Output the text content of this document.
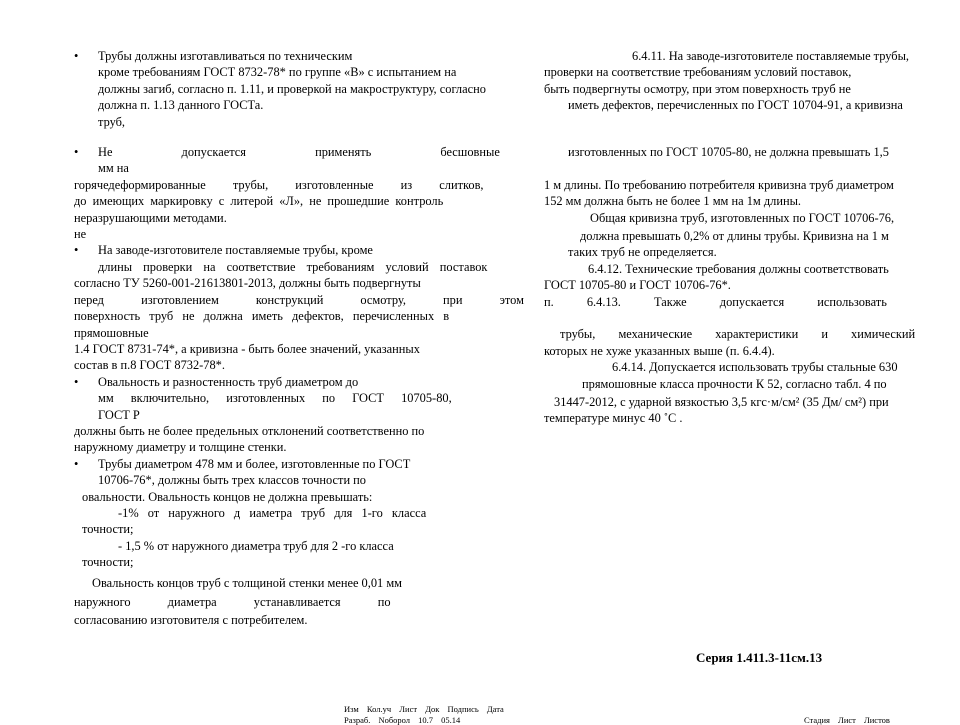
• Трубы должны изготавливаться по техническим
кроме требованиям ГОСТ 8732-78* по группе «В» с испытанием на
должны загиб, согласно п. 1.11, и проверкой на макроструктуру, согласно
должна п. 1.13 данного ГОСТа.
труб,
• Не допускается применять бесшовные
мм на
горячедеформированные трубы, изготовленные из слитков,
до имеющих маркировку с литерой «Л», не прошедшие контроль
неразрушающими методами.
не
• На заводе-изготовителе поставляемые трубы, кроме
длины проверки на соответствие требованиям условий поставок
согласно ТУ 5260-001-21613801-2013, должны быть подвергнуты
перед изготовлением конструкций осмотру, при этом
поверхность труб не должна иметь дефектов, перечисленных в
прямошовные
1.4 ГОСТ 8731-74*, а кривизна - быть более значений, указанных
состав в п.8 ГОСТ 8732-78*.
• Овальность и разностенность труб диаметром до
мм включительно, изготовленных по ГОСТ 10705-80,
ГОСТ Р
должны быть не более предельных отклонений соответственно по
наружному диаметру и толщине стенки.
• Трубы диаметром 478 мм и более, изготовленные по ГОСТ
10706-76*, должны быть трех классов точности по
овальности. Овальность концов не должна превышать:
-1% от наружного д иаметра труб для 1-го класса
точности;
- 1,5 % от наружного диаметра труб для 2 -го класса
точности;
Овальность концов труб с толщиной стенки менее 0,01 мм
наружного диаметра устанавливается по
согласованию изготовителя с потребителем.
6.4.11. На заводе-изготовителе поставляемые трубы,
проверки на соответствие требованиям условий поставок,
быть подвергнуты осмотру, при этом поверхность труб не
иметь дефектов, перечисленных по ГОСТ 10704-91, а кривизна
изготовленных по ГОСТ 10705-80, не должна превышать 1,5
1 м длины. По требованию потребителя кривизна труб диаметром
152 мм должна быть не более 1 мм на 1м длины.
Общая кривизна труб, изготовленных по ГОСТ 10706-76,
должна превышать 0,2% от длины трубы. Кривизна на 1 м
таких труб не определяется.
6.4.12. Технические требования должны соответствовать
ГОСТ 10705-80 и ГОСТ 10706-76*.
п. 6.4.13. Также допускается использовать
трубы, механические характеристики и химический
которых не хуже указанных выше (п. 6.4.4).
6.4.14. Допускается использовать трубы стальные 630
прямошовные класса прочности К 52, согласно табл. 4 по
31447-2012, с ударной вязкостью 3,5 кгс·м/см² (35 Дм/ см²) при
температуре минус 40 ˚С .
Серия 1.411.3-11см.13
Изм Кол.уч Лист Док Подпись Дата
Разраб. Nоборол 10.7 05.14	Стадия Лист Листов
